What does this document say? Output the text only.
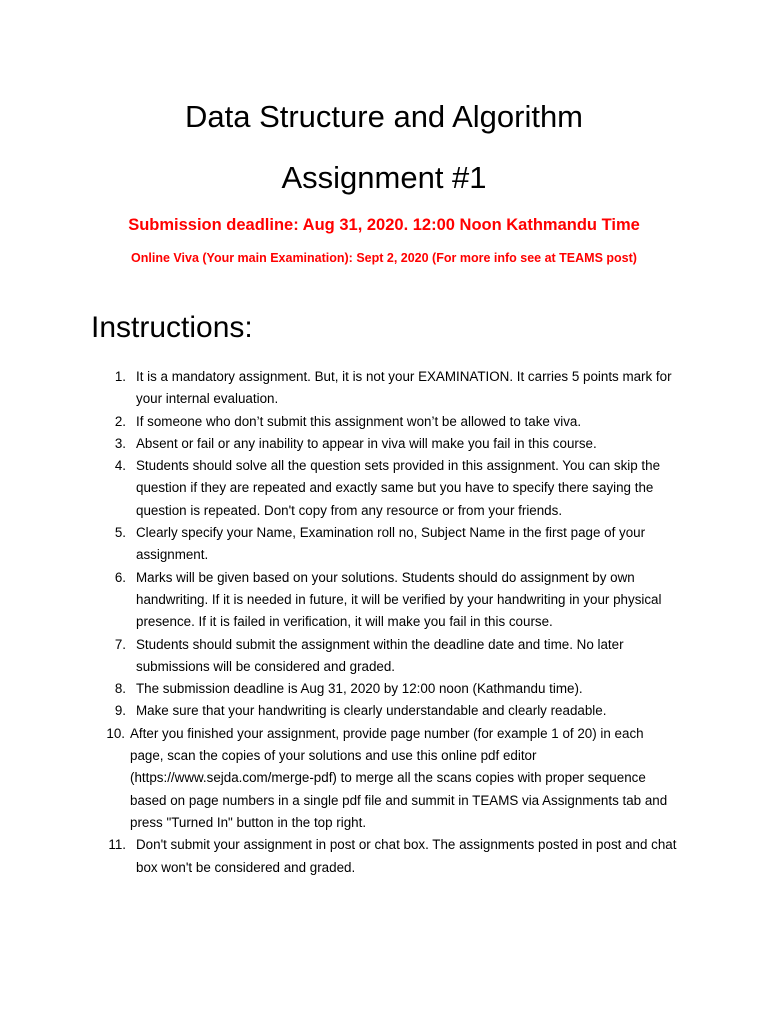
Data Structure and Algorithm
Assignment #1

Submission deadline: Aug 31, 2020. 12:00 Noon Kathmandu Time

Online Viva (Your main Examination): Sept 2, 2020 (For more info see at TEAMS post)

Instructions:
1. It is a mandatory assignment. But, it is not your EXAMINATION. It carries 5 points mark for your internal evaluation.
2. If someone who don’t submit this assignment won’t be allowed to take viva.
3. Absent or fail or any inability to appear in viva will make you fail in this course.
4. Students should solve all the question sets provided in this assignment. You can skip the question if they are repeated and exactly same but you have to specify there saying the question is repeated. Don't copy from any resource or from your friends.
5. Clearly specify your Name, Examination roll no, Subject Name in the first page of your assignment.
6. Marks will be given based on your solutions. Students should do assignment by own handwriting. If it is needed in future, it will be verified by your handwriting in your physical presence. If it is failed in verification, it will make you fail in this course.
7. Students should submit the assignment within the deadline date and time. No later submissions will be considered and graded.
8. The submission deadline is Aug 31, 2020 by 12:00 noon (Kathmandu time).
9. Make sure that your handwriting is clearly understandable and clearly readable.
10. After you finished your assignment, provide page number (for example 1 of 20) in each page, scan the copies of your solutions and use this online pdf editor (https://www.sejda.com/merge-pdf) to merge all the scans copies with proper sequence based on page numbers in a single pdf file and summit in TEAMS via Assignments tab and press "Turned In" button in the top right.
11. Don't submit your assignment in post or chat box. The assignments posted in post and chat box won't be considered and graded.
